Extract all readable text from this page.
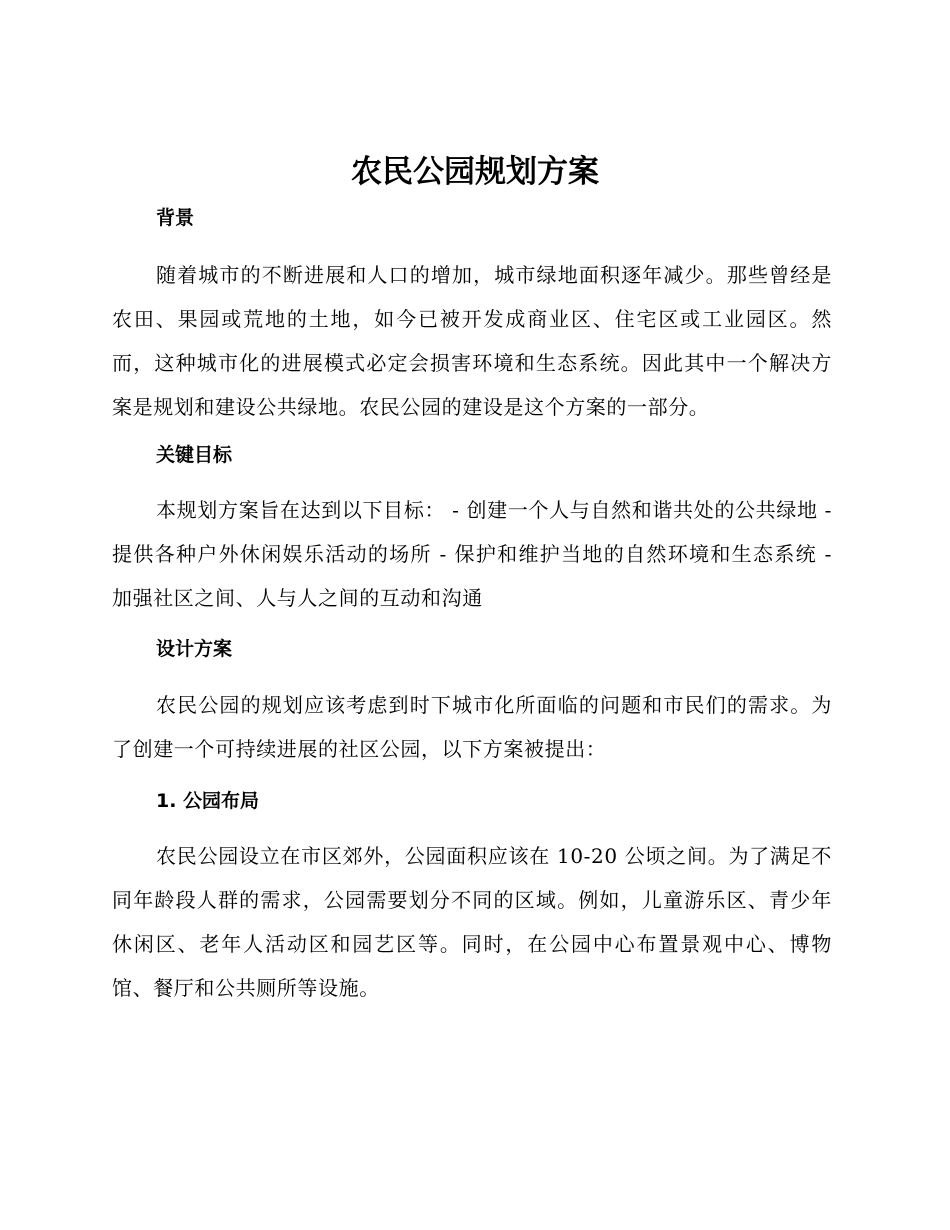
农民公园规划方案
背景

随着城市的不断进展和人口的增加，城市绿地面积逐年减少。那些曾经是农田、果园或荒地的土地，如今已被开发成商业区、住宅区或工业园区。然而，这种城市化的进展模式必定会损害环境和生态系统。因此其中一个解决方案是规划和建设公共绿地。农民公园的建设是这个方案的一部分。

关键目标

本规划方案旨在达到以下目标： - 创建一个人与自然和谐共处的公共绿地 - 提供各种户外休闲娱乐活动的场所 - 保护和维护当地的自然环境和生态系统 - 加强社区之间、人与人之间的互动和沟通

设计方案

农民公园的规划应该考虑到时下城市化所面临的问题和市民们的需求。为了创建一个可持续进展的社区公园，以下方案被提出：

1. 公园布局

农民公园设立在市区郊外，公园面积应该在 10-20 公顷之间。为了满足不同年龄段人群的需求，公园需要划分不同的区域。例如，儿童游乐区、青少年休闲区、老年人活动区和园艺区等。同时，在公园中心布置景观中心、博物馆、餐厅和公共厕所等设施。
